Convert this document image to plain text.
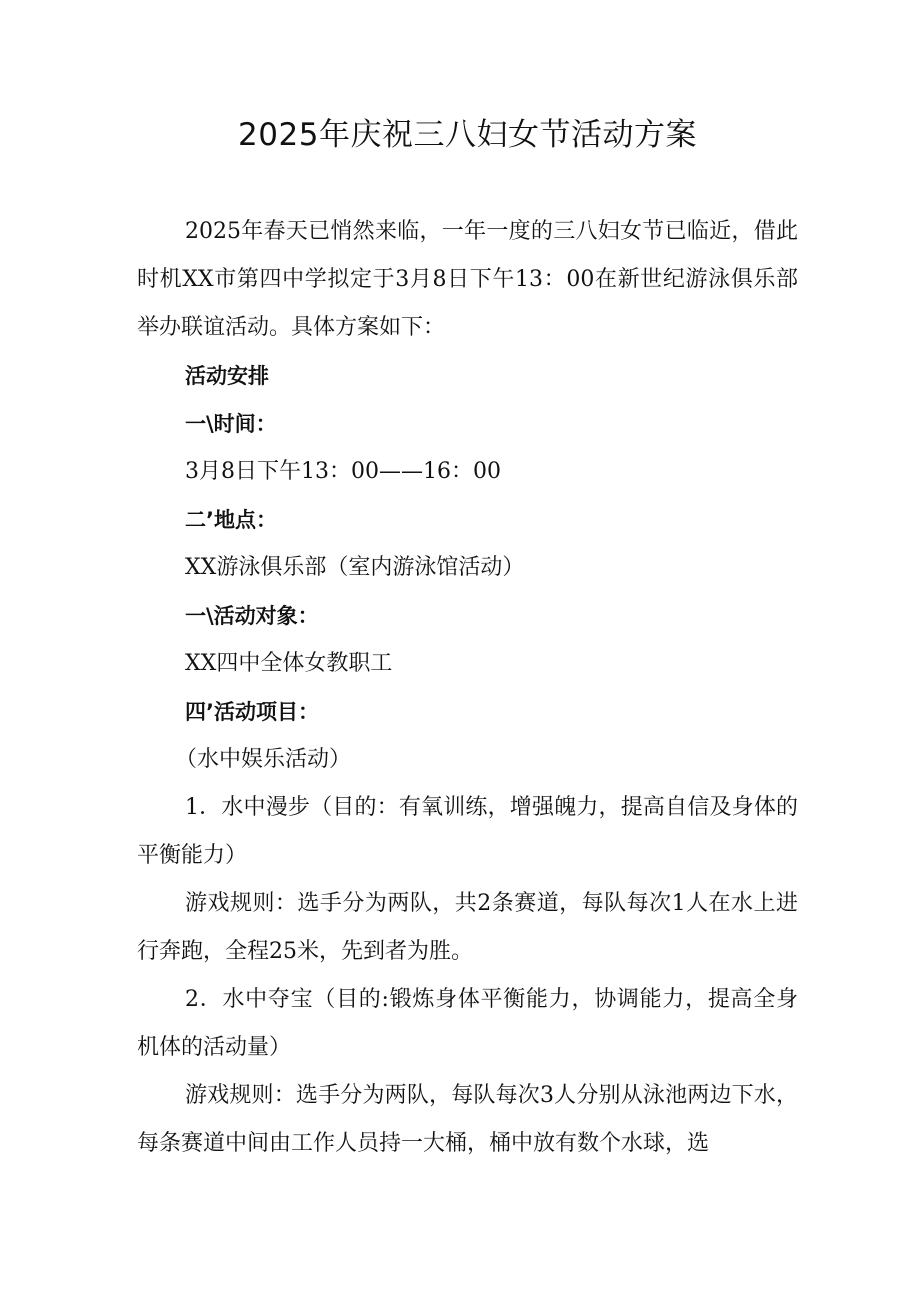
2025年庆祝三八妇女节活动方案

2025年春天已悄然来临，一年一度的三八妇女节已临近，借此时机XX市第四中学拟定于3月8日下午13：00在新世纪游泳俱乐部举办联谊活动。具体方案如下：

活动安排

一\时间：

3月8日下午13：00——16：00

二’地点：

XX游泳俱乐部（室内游泳馆活动）

一\活动对象：

XX四中全体女教职工

四’活动项目：

（水中娱乐活动）

1．水中漫步（目的：有氧训练，增强魄力，提高自信及身体的平衡能力）

游戏规则：选手分为两队，共2条赛道，每队每次1人在水上进行奔跑，全程25米，先到者为胜。

2．水中夺宝（目的:锻炼身体平衡能力，协调能力，提高全身机体的活动量）

游戏规则：选手分为两队，每队每次3人分别从泳池两边下水，每条赛道中间由工作人员持一大桶，桶中放有数个水球，选
